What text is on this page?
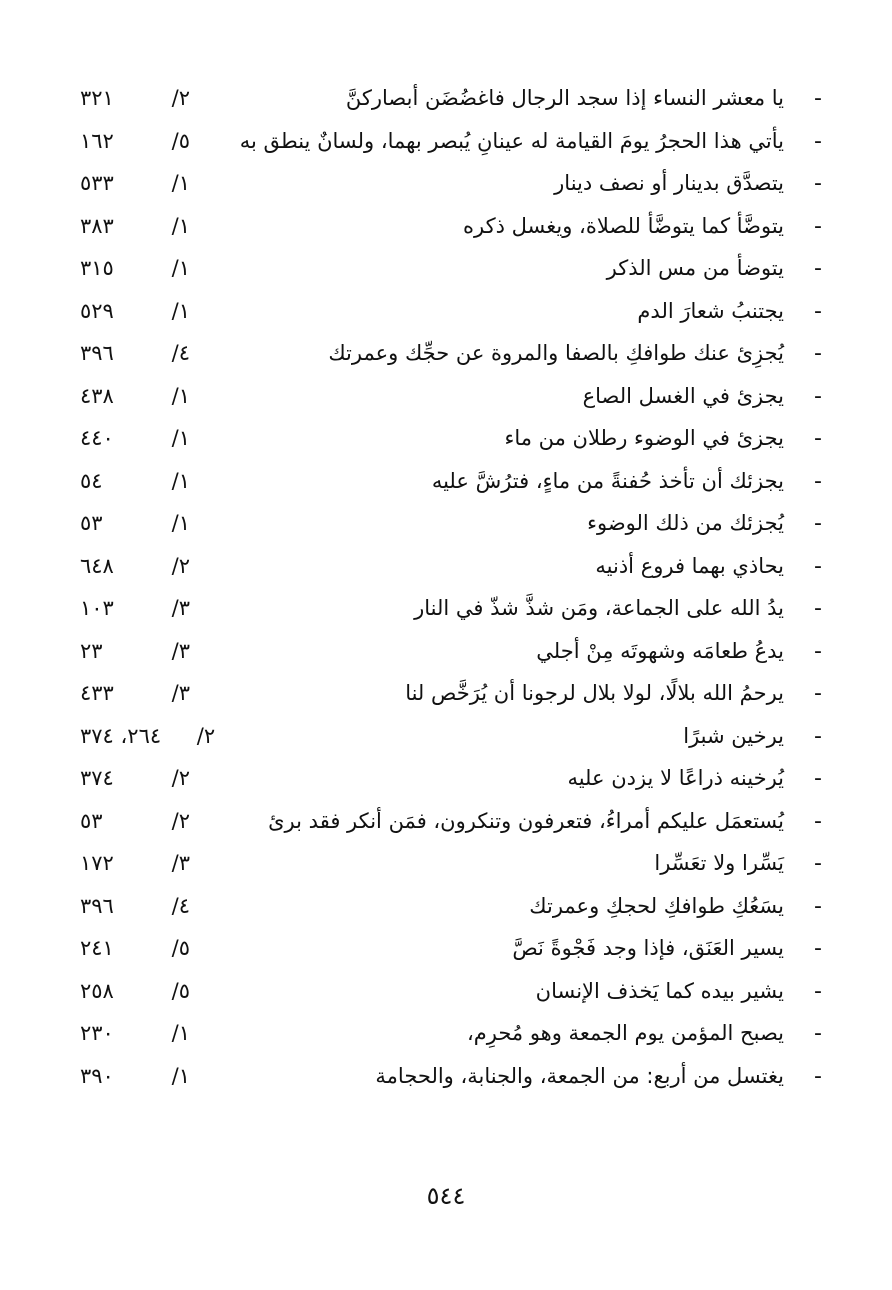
-
يا معشر النساء إذا سجد الرجال فاغضُضَن أبصاركنَّ
٣٢١	/٢
-
يأتي هذا الحجرُ يومَ القيامة له عينانِ يُبصر بهما، ولسانٌ ينطق به
١٦٢	/٥
-
يتصدَّق بدينار أو نصف دينار
٥٣٣	/١
-
يتوضَّأ كما يتوضَّأ للصلاة، ويغسل ذكره
٣٨٣	/١
-
يتوضأ من مس الذكر
٣١٥	/١
-
يجتنبُ شعارَ الدم
٥٢٩	/١
-
يُجزِئ عنك طوافكِ بالصفا والمروة عن حجِّك وعمرتك
٣٩٦	/٤
-
يجزئ في الغسل الصاع
٤٣٨	/١
-
يجزئ في الوضوء رطلان من ماء
٤٤٠	/١
-
يجزئك أن تأخذ حُفنةً من ماءٍ، فترُشَّ عليه
٥٤	/١
-
يُجزئك من ذلك الوضوء
٥٣	/١
-
يحاذي بهما فروع أذنيه
٦٤٨	/٢
-
يدُ الله على الجماعة، ومَن شذَّ شذّ في النار
١٠٣	/٣
-
يدعُ طعامَه وشهوتَه مِنْ أجلي
٢٣	/٣
-
يرحمُ الله بلالًا، لولا بلال لرجونا أن يُرَخَّص لنا
٤٣٣	/٣
-
يرخين شبرًا
٢٦٤، ٣٧٤ /٢
-
يُرخينه ذراعًا لا يزدن عليه
٣٧٤	/٢
-
يُستعمَل عليكم أمراءُ، فتعرفون وتنكرون، فمَن أنكر فقد برئ
٥٣	/٢
-
يَسِّرا ولا تعَسِّرا
١٧٢	/٣
-
يسَعُكِ طوافكِ لحجكِ وعمرتك
٣٩٦	/٤
-
يسير العَنَق، فإذا وجد فَجْوةً نَصَّ
٢٤١	/٥
-
يشير بيده كما يَخذف الإنسان
٢٥٨	/٥
-
يصبح المؤمن يوم الجمعة وهو مُحرِم،
٢٣٠	/١
-
يغتسل من أربع: من الجمعة، والجنابة، والحجامة
٣٩٠	/١
٥٤٤
